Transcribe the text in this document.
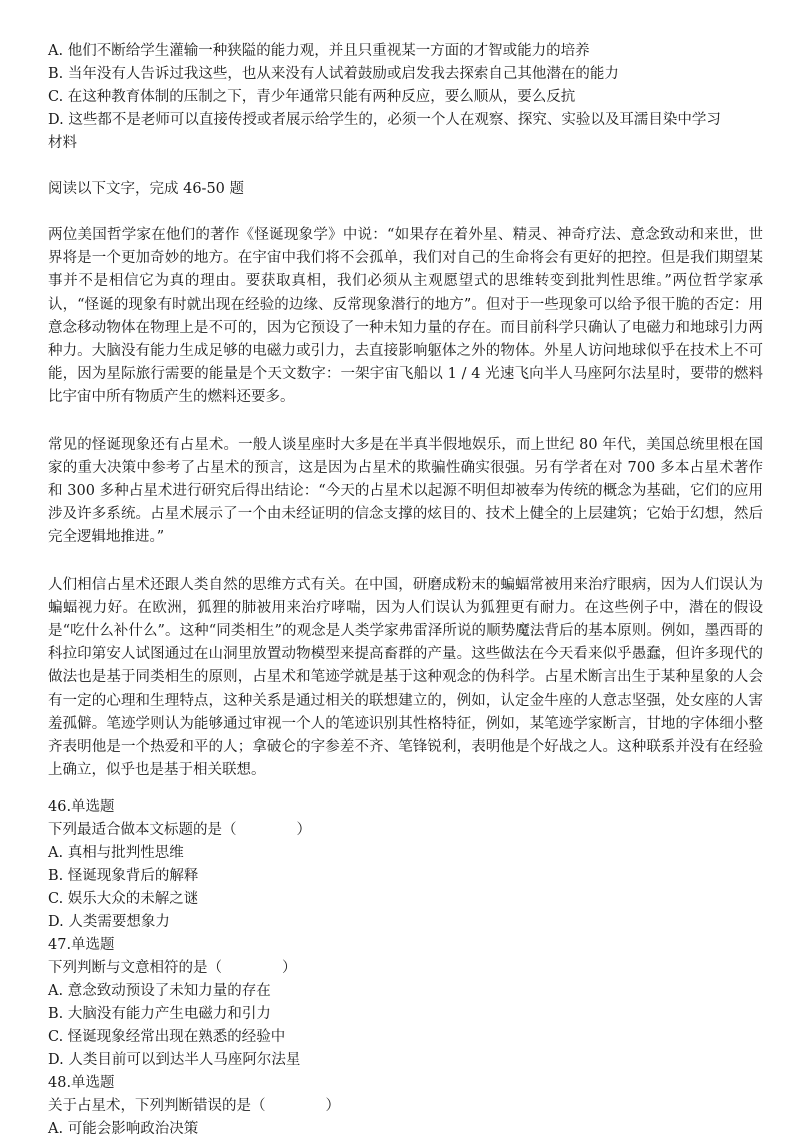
A. 他们不断给学生灌输一种狭隘的能力观，并且只重视某一方面的才智或能力的培养
B. 当年没有人告诉过我这些，也从来没有人试着鼓励或启发我去探索自己其他潜在的能力
C. 在这种教育体制的压制之下，青少年通常只能有两种反应，要么顺从，要么反抗
D. 这些都不是老师可以直接传授或者展示给学生的，必须一个人在观察、探究、实验以及耳濡目染中学习
材料
阅读以下文字，完成 46-50 题
两位美国哲学家在他们的著作《怪诞现象学》中说：“如果存在着外星、精灵、神奇疗法、意念致动和来世，世界将是一个更加奇妙的地方。在宇宙中我们将不会孤单，我们对自己的生命将会有更好的把控。但是我们期望某事并不是相信它为真的理由。要获取真相，我们必须从主观愿望式的思维转变到批判性思维。”两位哲学家承认，“怪诞的现象有时就出现在经验的边缘、反常现象潜行的地方”。但对于一些现象可以给予很干脆的否定：用意念移动物体在物理上是不可的，因为它预设了一种未知力量的存在。而目前科学只确认了电磁力和地球引力两种力。大脑没有能力生成足够的电磁力或引力，去直接影响躯体之外的物体。外星人访问地球似乎在技术上不可能，因为星际旅行需要的能量是个天文数字：一架宇宙飞船以 1 / 4 光速飞向半人马座阿尔法星时，要带的燃料比宇宙中所有物质产生的燃料还要多。
常见的怪诞现象还有占星术。一般人谈星座时大多是在半真半假地娱乐，而上世纪 80 年代，美国总统里根在国家的重大决策中参考了占星术的预言，这是因为占星术的欺骗性确实很强。另有学者在对 700 多本占星术著作和 300 多种占星术进行研究后得出结论：“今天的占星术以起源不明但却被奉为传统的概念为基础，它们的应用涉及许多系统。占星术展示了一个由未经证明的信念支撑的炫目的、技术上健全的上层建筑；它始于幻想，然后完全逻辑地推进。”
人们相信占星术还跟人类自然的思维方式有关。在中国，研磨成粉末的蝙蝠常被用来治疗眼病，因为人们误认为蝙蝠视力好。在欧洲，狐狸的肺被用来治疗哮喘，因为人们误认为狐狸更有耐力。在这些例子中，潜在的假设是“吃什么补什么”。这种“同类相生”的观念是人类学家弗雷泽所说的顺势魔法背后的基本原则。例如，墨西哥的科拉印第安人试图通过在山洞里放置动物模型来提高畜群的产量。这些做法在今天看来似乎愚蠢，但许多现代的做法也是基于同类相生的原则，占星术和笔迹学就是基于这种观念的伪科学。占星术断言出生于某种星象的人会有一定的心理和生理特点，这种关系是通过相关的联想建立的，例如，认定金牛座的人意志坚强，处女座的人害羞孤僻。笔迹学则认为能够通过审视一个人的笔迹识别其性格特征，例如，某笔迹学家断言，甘地的字体细小整齐表明他是一个热爱和平的人；拿破仑的字参差不齐、笔锋锐利，表明他是个好战之人。这种联系并没有在经验上确立，似乎也是基于相关联想。
46.单选题
下列最适合做本文标题的是（	）
A. 真相与批判性思维
B. 怪诞现象背后的解释
C. 娱乐大众的未解之谜
D. 人类需要想象力
47.单选题
下列判断与文意相符的是（	）
A. 意念致动预设了未知力量的存在
B. 大脑没有能力产生电磁力和引力
C. 怪诞现象经常出现在熟悉的经验中
D. 人类目前可以到达半人马座阿尔法星
48.单选题
关于占星术，下列判断错误的是（	）
A. 可能会影响政治决策
